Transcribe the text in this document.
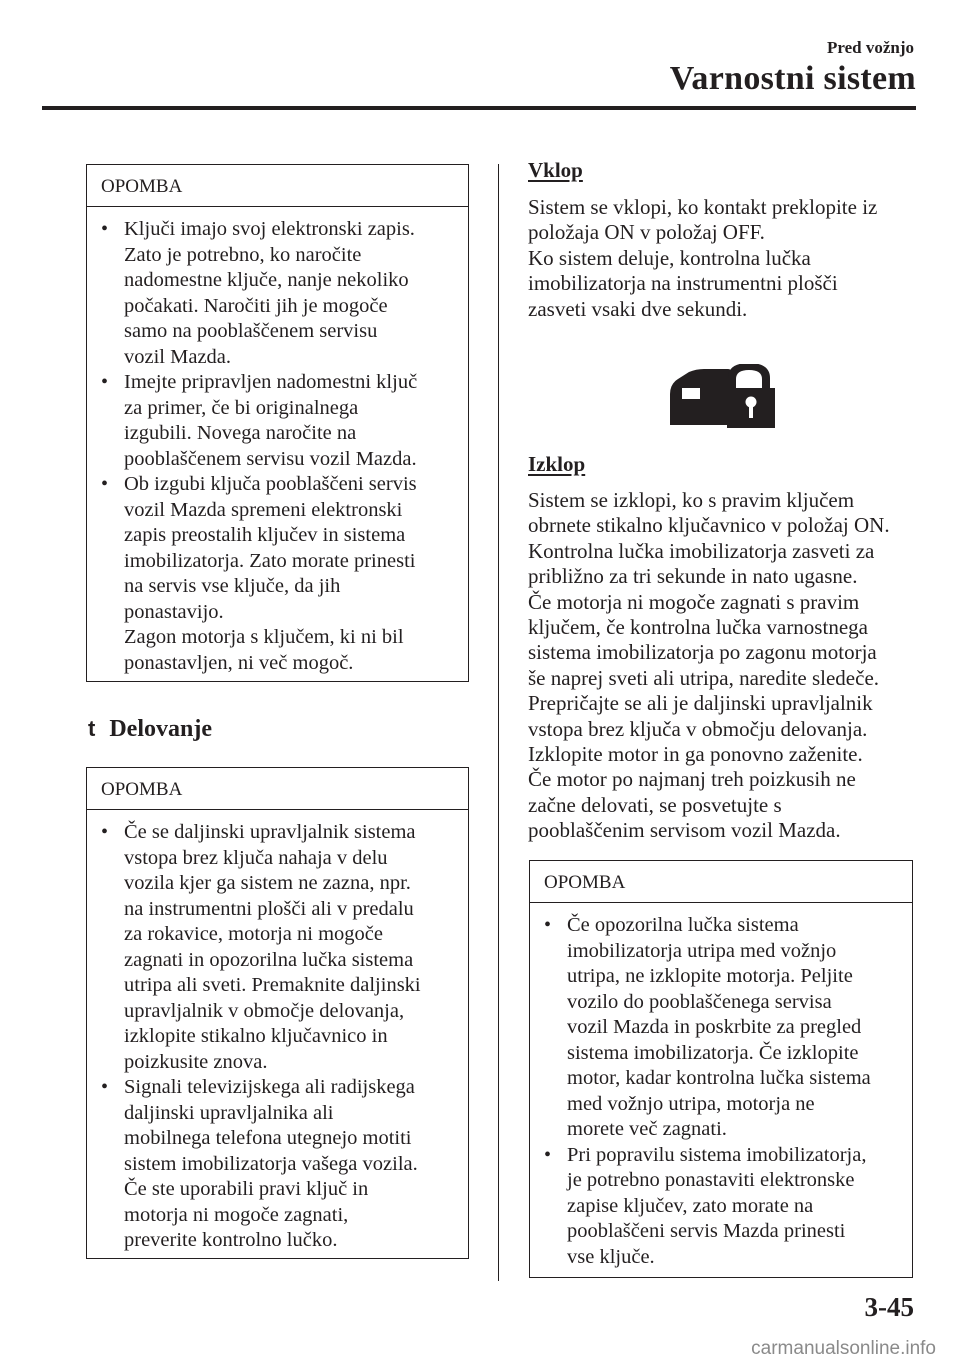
Pred vožnjo
Varnostni sistem
OPOMBA
• Ključi imajo svoj elektronski zapis.
Zato je potrebno, ko naročite
nadomestne ključe, nanje nekoliko
počakati. Naročiti jih je mogoče
samo na pooblaščenem servisu
vozil Mazda.
• Imejte pripravljen nadomestni ključ
za primer, če bi originalnega
izgubili. Novega naročite na
pooblaščenem servisu vozil Mazda.
• Ob izgubi ključa pooblaščeni servis
vozil Mazda spremeni elektronski
zapis preostalih ključev in sistema
imobilizatorja. Zato morate prinesti
na servis vse ključe, da jih
ponastavijo.
Zagon motorja s ključem, ki ni bil
ponastavljen, ni več mogoč.
t Delovanje
OPOMBA
• Če se daljinski upravljalnik sistema
vstopa brez ključa nahaja v delu
vozila kjer ga sistem ne zazna, npr.
na instrumentni plošči ali v predalu
za rokavice, motorja ni mogoče
zagnati in opozorilna lučka sistema
utripa ali sveti. Premaknite daljinski
upravljalnik v območje delovanja,
izklopite stikalno ključavnico in
poizkusite znova.
• Signali televizijskega ali radijskega
daljinski upravljalnika ali
mobilnega telefona utegnejo motiti
sistem imobilizatorja vašega vozila.
Če ste uporabili pravi ključ in
motorja ni mogoče zagnati,
preverite kontrolno lučko.
Vklop
Sistem se vklopi, ko kontakt preklopite iz
položaja ON v položaj OFF.
Ko sistem deluje, kontrolna lučka
imobilizatorja na instrumentni plošči
zasveti vsaki dve sekundi.
Izklop
Sistem se izklopi, ko s pravim ključem
obrnete stikalno ključavnico v položaj ON.
Kontrolna lučka imobilizatorja zasveti za
približno za tri sekunde in nato ugasne.
Če motorja ni mogoče zagnati s pravim
ključem, če kontrolna lučka varnostnega
sistema imobilizatorja po zagonu motorja
še naprej sveti ali utripa, naredite sledeče.
Prepričajte se ali je daljinski upravljalnik
vstopa brez ključa v območju delovanja.
Izklopite motor in ga ponovno zaženite.
Če motor po najmanj treh poizkusih ne
začne delovati, se posvetujte s
pooblaščenim servisom vozil Mazda.
OPOMBA
• Če opozorilna lučka sistema
imobilizatorja utripa med vožnjo
utripa, ne izklopite motorja. Peljite
vozilo do pooblaščenega servisa
vozil Mazda in poskrbite za pregled
sistema imobilizatorja. Če izklopite
motor, kadar kontrolna lučka sistema
med vožnjo utripa, motorja ne
morete več zagnati.
• Pri popravilu sistema imobilizatorja,
je potrebno ponastaviti elektronske
zapise ključev, zato morate na
pooblaščeni servis Mazda prinesti
vse ključe.
3-45
carmanualsonline.info
